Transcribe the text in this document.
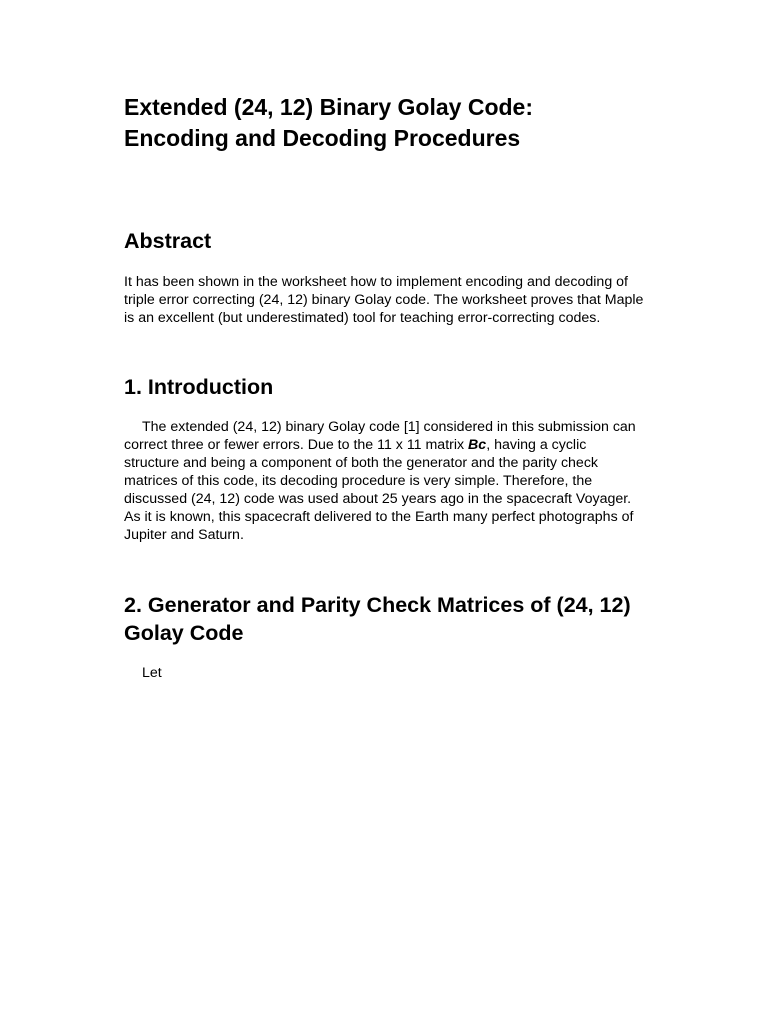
Extended (24, 12) Binary Golay Code:
Encoding and Decoding Procedures
Abstract
It has been shown in the worksheet how to implement encoding and decoding of
triple error correcting (24, 12) binary Golay code. The worksheet proves that Maple
is an excellent (but underestimated) tool for teaching error-correcting codes.
1. Introduction
The extended (24, 12) binary Golay code [1] considered in this submission can
correct three or fewer errors. Due to the 11 x 11 matrix Bc, having a cyclic
structure and being a component of both the generator and the parity check
matrices of this code, its decoding procedure is very simple. Therefore, the
discussed (24, 12) code was used about 25 years ago in the spacecraft Voyager.
As it is known, this spacecraft delivered to the Earth many perfect photographs of
Jupiter and Saturn.
2. Generator and Parity Check Matrices of (24, 12)
Golay Code
Let
